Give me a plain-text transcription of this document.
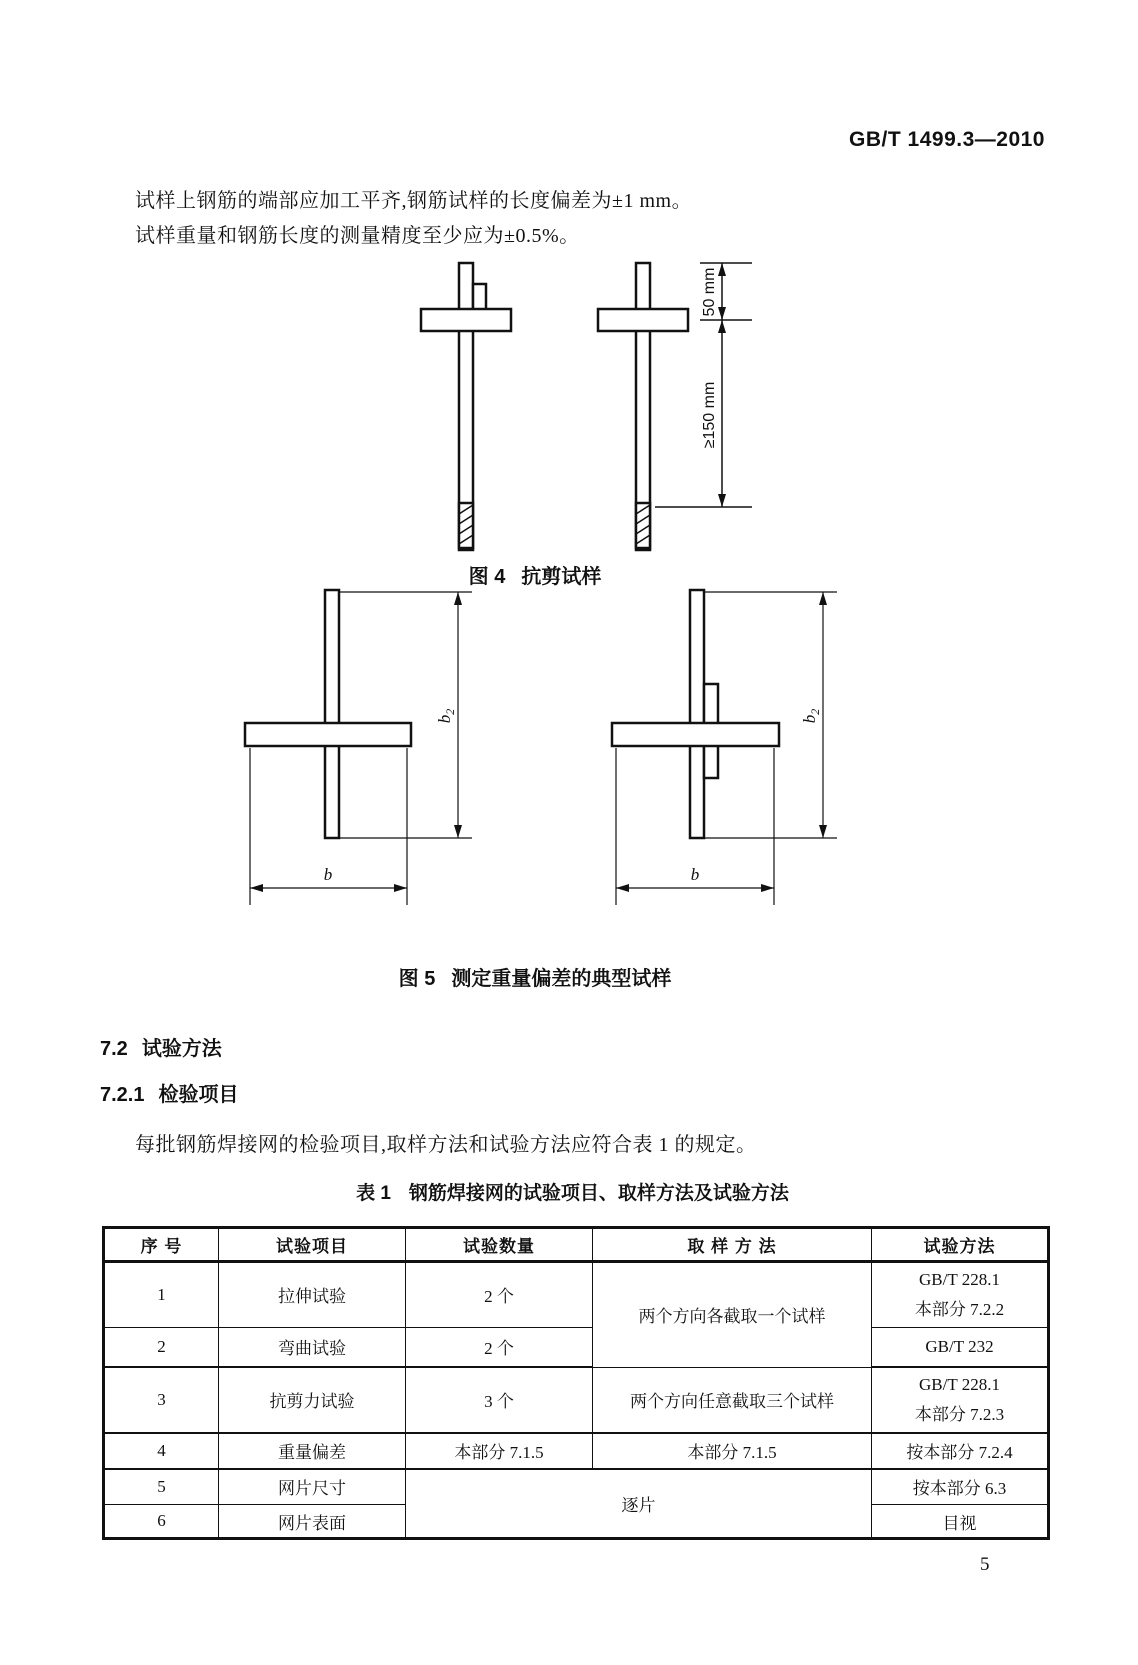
GB/T 1499.3—2010
试样上钢筋的端部应加工平齐,钢筋试样的长度偏差为±1 mm。
试样重量和钢筋长度的测量精度至少应为±0.5%。
50 mm
≥150 mm
图 4 抗剪试样
$b_2$
b
$b_2$
b
图 5 测定重量偏差的典型试样
7.2 试验方法
7.2.1 检验项目
每批钢筋焊接网的检验项目,取样方法和试验方法应符合表 1 的规定。
表 1 钢筋焊接网的试验项目、取样方法及试验方法
序 号	试验项目	试验数量	取 样 方 法	试验方法
1	拉伸试验	2 个	两个方向各截取一个试样	GB/T 228.1
本部分 7.2.2

2	弯曲试验	2 个		GB/T 232
3	抗剪力试验	3 个	两个方向任意截取三个试样	GB/T 228.1
本部分 7.2.3

4	重量偏差	本部分 7.1.5	本部分 7.1.5	按本部分 7.2.4
5	网片尺寸	逐片		按本部分 6.3
6	网片表面			目视
5
